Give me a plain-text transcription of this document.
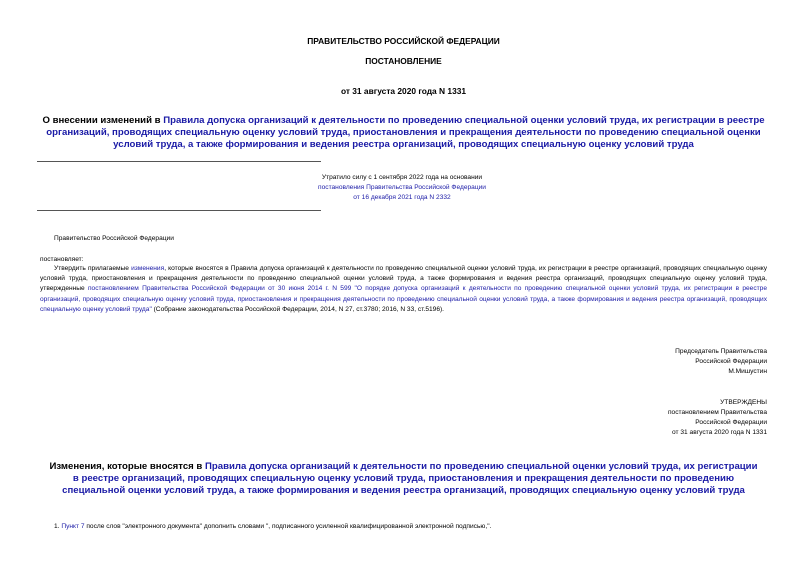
ПРАВИТЕЛЬСТВО РОССИЙСКОЙ ФЕДЕРАЦИИ
ПОСТАНОВЛЕНИЕ
от 31 августа 2020 года N 1331
О внесении изменений в Правила допуска организаций к деятельности по проведению специальной оценки условий труда, их регистрации в реестре организаций, проводящих специальную оценку условий труда, приостановления и прекращения деятельности по проведению специальной оценки условий труда, а также формирования и ведения реестра организаций, проводящих специальную оценку условий труда

Утратило силу с 1 сентября 2022 года на основании

постановления Правительства Российской Федерации

от 16 декабря 2021 года N 2332

Правительство Российской Федерации
постановляет:
Утвердить прилагаемые изменения, которые вносятся в Правила допуска организаций к деятельности по проведению специальной оценки условий труда, их регистрации в реестре организаций, проводящих специальную оценку условий труда, приостановления и прекращения деятельности по проведению специальной оценки условий труда, а также формирования и ведения реестра организаций, проводящих специальную оценку условий труда, утвержденные постановлением Правительства Российской Федерации от 30 июня 2014 г. N 599 "О порядке допуска организаций к деятельности по проведению специальной оценки условий труда, их регистрации в реестре организаций, проводящих специальную оценку условий труда, приостановления и прекращения деятельности по проведению специальной оценки условий труда, а также формирования и ведения реестра организаций, проводящих специальную оценку условий труда" (Собрание законодательства Российской Федерации, 2014, N 27, ст.3780; 2016, N 33, ст.5196).

Председатель Правительства

Российской Федерации

М.Мишустин

УТВЕРЖДЕНЫ

постановлением Правительства

Российской Федерации

от 31 августа 2020 года N 1331

Изменения, которые вносятся в Правила допуска организаций к деятельности по проведению специальной оценки условий труда, их регистрации в реестре организаций, проводящих специальную оценку условий труда, приостановления и прекращения деятельности по проведению специальной оценки условий труда, а также формирования и ведения реестра организаций, проводящих специальную оценку условий труда
1. Пункт 7 после слов "электронного документа" дополнить словами ", подписанного усиленной квалифицированной электронной подписью,".
